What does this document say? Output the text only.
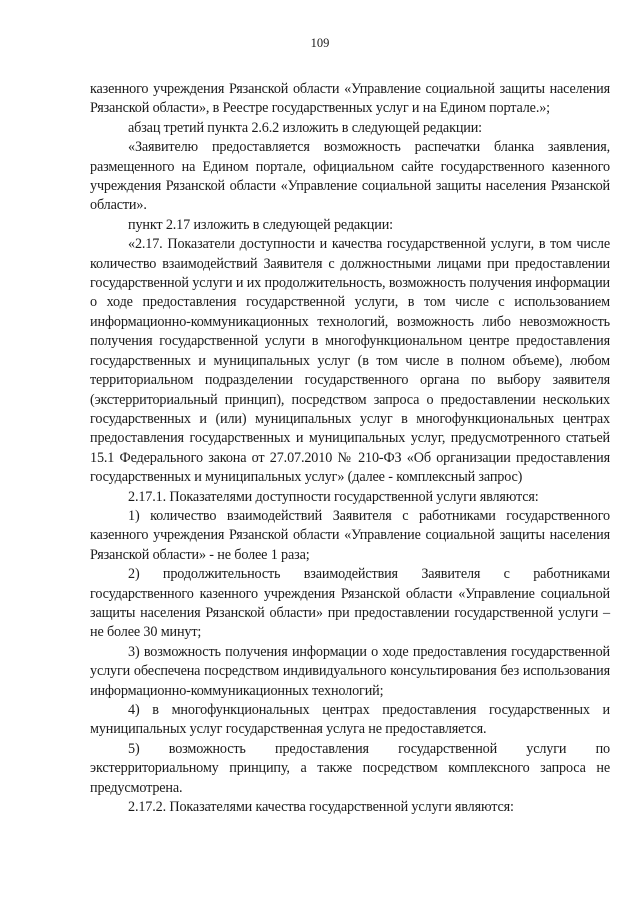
109

казенного учреждения Рязанской области «Управление социальной защиты населения Рязанской области», в Реестре государственных услуг и на Едином портале.»;

абзац третий пункта 2.6.2 изложить в следующей редакции:

«Заявителю предоставляется возможность распечатки бланка заявления, размещенного на Едином портале, официальном сайте государственного казенного учреждения Рязанской области «Управление социальной защиты населения Рязанской области».

пункт 2.17 изложить в следующей редакции:

«2.17. Показатели доступности и качества государственной услуги, в том числе количество взаимодействий Заявителя с должностными лицами при предоставлении государственной услуги и их продолжительность, возможность получения информации о ходе предоставления государственной услуги, в том числе с использованием информационно-коммуникационных технологий, возможность либо невозможность получения государственной услуги в многофункциональном центре предоставления государственных и муниципальных услуг (в том числе в полном объеме), любом территориальном подразделении государственного органа по выбору заявителя (экстерриториальный принцип), посредством запроса о предоставлении нескольких государственных и (или) муниципальных услуг в многофункциональных центрах предоставления государственных и муниципальных услуг, предусмотренного статьей 15.1 Федерального закона от 27.07.2010 № 210-ФЗ «Об организации предоставления государственных и муниципальных услуг» (далее - комплексный запрос)

2.17.1. Показателями доступности государственной услуги являются:

1) количество взаимодействий Заявителя с работниками государственного казенного учреждения Рязанской области «Управление социальной защиты населения Рязанской области» - не более 1 раза;

2) продолжительность взаимодействия Заявителя с работниками государственного казенного учреждения Рязанской области «Управление социальной защиты населения Рязанской области» при предоставлении государственной услуги – не более 30 минут;

3) возможность получения информации о ходе предоставления государственной услуги обеспечена посредством индивидуального консультирования без использования информационно-коммуникационных технологий;

4) в многофункциональных центрах предоставления государственных и муниципальных услуг государственная услуга не предоставляется.

5) возможность предоставления государственной услуги по экстерриториальному принципу, а также посредством комплексного запроса не предусмотрена.

2.17.2. Показателями качества государственной услуги являются:
